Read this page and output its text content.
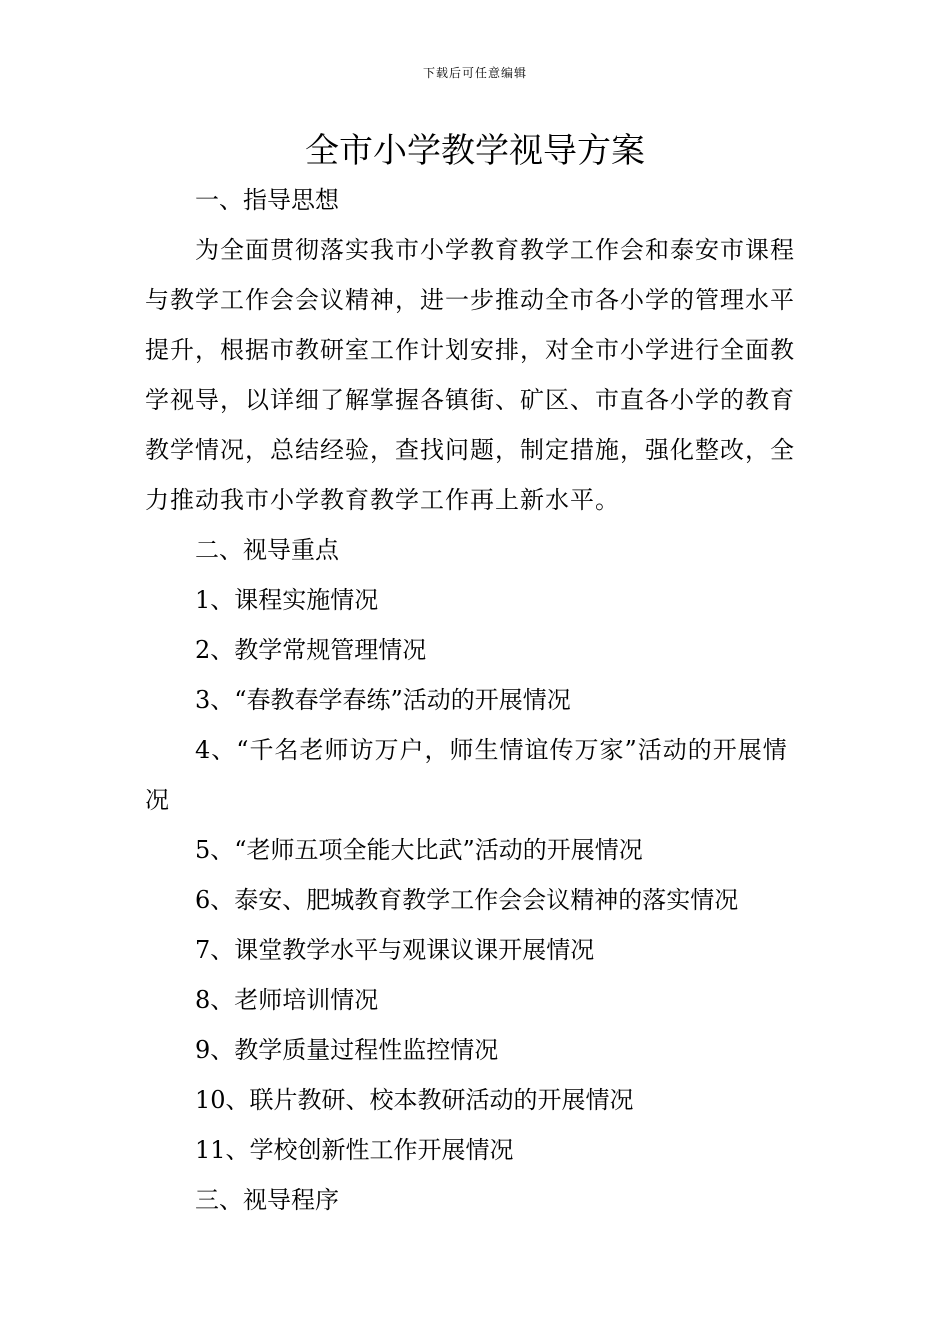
下载后可任意编辑
全市小学教学视导方案

一、指导思想

为全面贯彻落实我市小学教育教学工作会和泰安市课程与教学工作会会议精神，进一步推动全市各小学的管理水平提升，根据市教研室工作计划安排，对全市小学进行全面教学视导，以详细了解掌握各镇街、矿区、市直各小学的教育教学情况，总结经验，查找问题，制定措施，强化整改，全力推动我市小学教育教学工作再上新水平。

二、视导重点

1、课程实施情况

2、教学常规管理情况

3、“春教春学春练”活动的开展情况

4、“千名老师访万户，师生情谊传万家”活动的开展情况

5、“老师五项全能大比武”活动的开展情况

6、泰安、肥城教育教学工作会会议精神的落实情况

7、课堂教学水平与观课议课开展情况

8、老师培训情况

9、教学质量过程性监控情况

10、联片教研、校本教研活动的开展情况

11、学校创新性工作开展情况

三、视导程序
